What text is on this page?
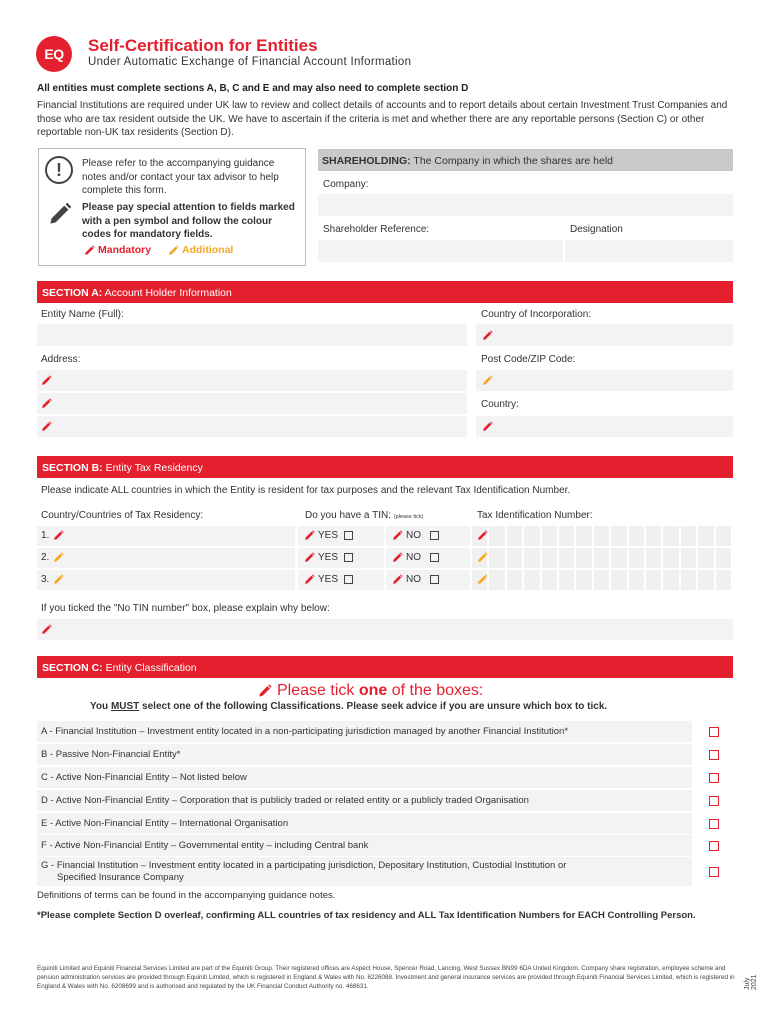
EQ	Self-Certification for Entities
Under Automatic Exchange of Financial Account Information
All entities must complete sections A, B, C and E and may also need to complete section D
Financial Institutions are required under UK law to review and collect details of accounts and to report details about certain Investment Trust Companies and those who are tax resident outside the UK. We have to ascertain if the criteria is met and whether there are any reportable persons (Section C) or other reportable non-UK tax residents (Section D).
!	Please refer to the accompanying guidance notes and/or contact your tax advisor to help complete this form.
Please pay special attention to fields marked with a pen symbol and follow the colour codes for mandatory fields.
Mandatory	Additional
SHAREHOLDING: The Company in which the shares are held
Company:
Shareholder Reference:	Designation
SECTION A: Account Holder Information
Entity Name (Full):	Country of Incorporation:
Address:	Post Code/ZIP Code:
Country:
SECTION B: Entity Tax Residency
Please indicate ALL countries in which the Entity is resident for tax purposes and the relevant Tax Identification Number.
Country/Countries of Tax Residency:	Do you have a TIN: (please tick)	Tax Identification Number:
1.	YES	NO
2.	YES	NO
3.	YES	NO
If you ticked the "No TIN number" box, please explain why below:
SECTION C: Entity Classification
Please tick one of the boxes:
You MUST select one of the following Classifications. Please seek advice if you are unsure which box to tick.
A - Financial Institution – Investment entity located in a non-participating jurisdiction managed by another Financial Institution*
B - Passive Non-Financial Entity*
C - Active Non-Financial Entity – Not listed below
D - Active Non-Financial Entity – Corporation that is publicly traded or related entity or a publicly traded Organisation
E - Active Non-Financial Entity – International Organisation
F - Active Non-Financial Entity – Governmental entity – including Central bank
G - Financial Institution – Investment entity located in a participating jurisdiction, Depositary Institution, Custodial Institution or
Specified Insurance Company
Definitions of terms can be found in the accompanying guidance notes.
*Please complete Section D overleaf, confirming ALL countries of tax residency and ALL Tax Identification Numbers for EACH Controlling Person.
Equiniti Limited and Equiniti Financial Services Limited are part of the Equiniti Group. Their registered offices are Aspect House, Spencer Road, Lancing, West Sussex BN99 6DA United Kingdom. Company share registration, employee scheme and pension administration services are provided through Equiniti Limited, which is registered in England & Wales with No. 6226088. Investment and general insurance services are provided through Equiniti Financial Services Limited, which is registered in England & Wales with No. 6208699 and is authorised and regulated by the UK Financial Conduct Authority no. 468631.	July 2021
